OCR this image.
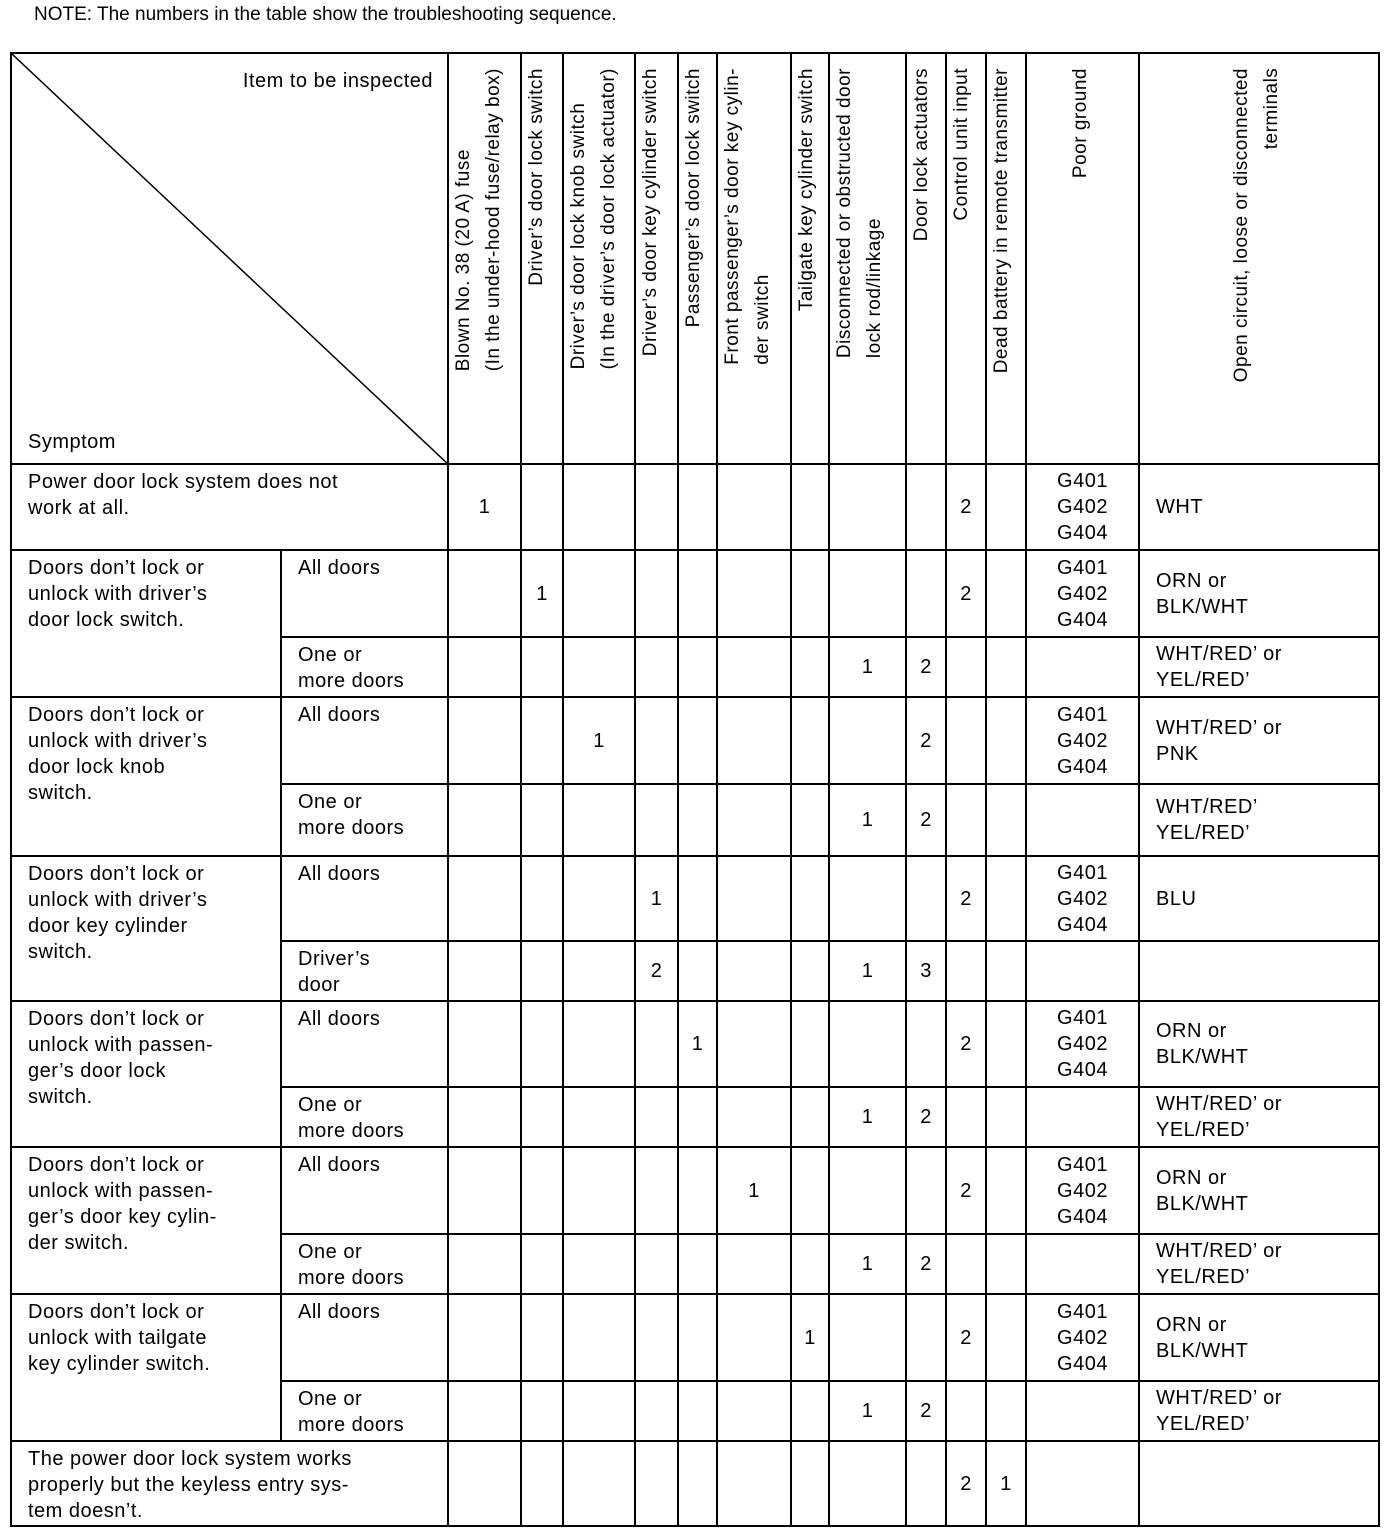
NOTE: The numbers in the table show the troubleshooting sequence.

Item to be inspected

Symptom		Blown No. 38 (20 A) fuse
(In the under-hood fuse/relay box)	Driver’s door lock switch	Driver’s door lock knob switch
(In the driver’s door lock actuator)	Driver’s door key cylinder switch	Passenger’s door lock switch	Front passenger’s door key cylin-
der switch	Tailgate key cylinder switch	Disconnected or obstructed door
lock rod/linkage	Door lock actuators	Control unit input	Dead battery in remote transmitter	Poor ground	Open circuit, loose or disconnected
terminals

Power door lock system does not
work at all.		1									2		G401
G402
G404	WHT
Doors don’t lock or
unlock with driver’s
door lock switch.	All doors		1								2		G401
G402
G404	ORN or
BLK/WHT
	One or
more doors								1	2				WHT/RED’ or
YEL/RED’
Doors don’t lock or
unlock with driver’s
door lock knob
switch.	All doors			1						2			G401
G402
G404	WHT/RED’ or
PNK
	One or
more doors								1	2				WHT/RED’
YEL/RED’
Doors don’t lock or
unlock with driver’s
door key cylinder
switch.	All doors				1						2		G401
G402
G404	BLU
	Driver’s
door				2				1	3				
Doors don’t lock or
unlock with passen-
ger’s door lock
switch.	All doors					1					2		G401
G402
G404	ORN or
BLK/WHT
	One or
more doors								1	2				WHT/RED’ or
YEL/RED’
Doors don’t lock or
unlock with passen-
ger’s door key cylin-
der switch.	All doors						1				2		G401
G402
G404	ORN or
BLK/WHT
	One or
more doors								1	2				WHT/RED’ or
YEL/RED’
Doors don’t lock or
unlock with tailgate
key cylinder switch.	All doors							1			2		G401
G402
G404	ORN or
BLK/WHT
	One or
more doors								1	2				WHT/RED’ or
YEL/RED’
The power door lock system works
properly but the keyless entry sys-
tem doesn’t.											2	1		
